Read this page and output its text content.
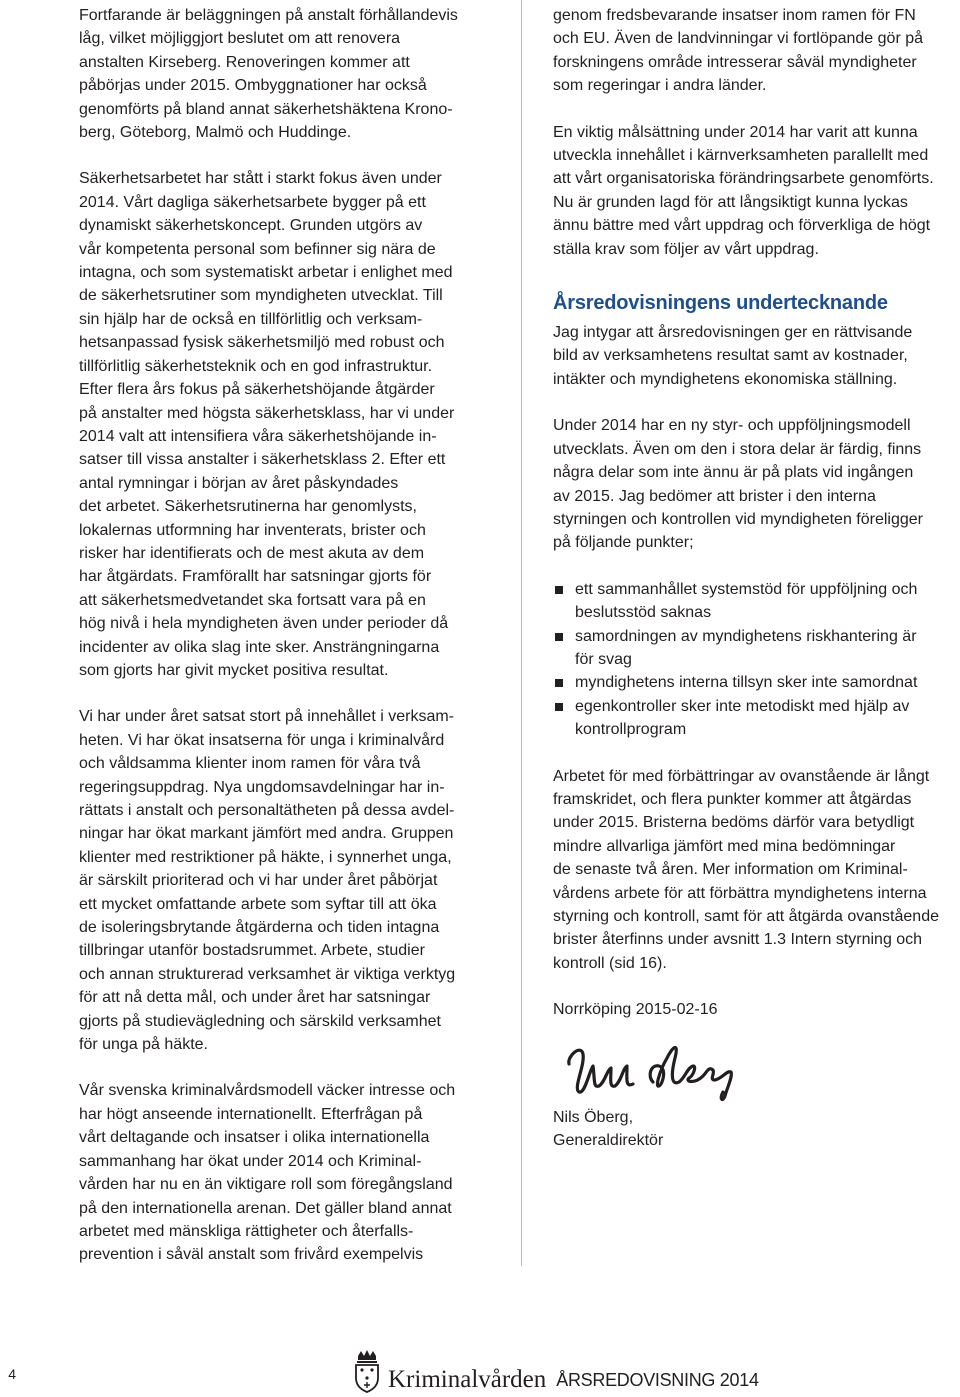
Fortfarande är beläggningen på anstalt förhållandevis
låg, vilket möjliggjort beslutet om att renovera
anstalten Kirseberg. Renoveringen kommer att
påbörjas under 2015. Ombyggnationer har också
genomförts på bland annat säkerhetshäktena Krono-
berg, Göteborg, Malmö och Huddinge.

Säkerhetsarbetet har stått i starkt fokus även under
2014. Vårt dagliga säkerhetsarbete bygger på ett
dynamiskt säkerhetskoncept. Grunden utgörs av
vår kompetenta personal som befinner sig nära de
intagna, och som systematiskt arbetar i enlighet med
de säkerhetsrutiner som myndigheten utvecklat. Till
sin hjälp har de också en tillförlitlig och verksam-
hetsanpassad fysisk säkerhetsmiljö med robust och
tillförlitlig säkerhetsteknik och en god infrastruktur.
Efter flera års fokus på säkerhetshöjande åtgärder
på anstalter med högsta säkerhetsklass, har vi under
2014 valt att intensifiera våra säkerhetshöjande in-
satser till vissa anstalter i säkerhetsklass 2. Efter ett
antal rymningar i början av året påskyndades
det arbetet. Säkerhetsrutinerna har genomlysts,
lokalernas utformning har inventerats, brister och
risker har identifierats och de mest akuta av dem
har åtgärdats. Framförallt har satsningar gjorts för
att säkerhetsmedvetandet ska fortsatt vara på en
hög nivå i hela myndigheten även under perioder då
incidenter av olika slag inte sker. Ansträngningarna
som gjorts har givit mycket positiva resultat.

Vi har under året satsat stort på innehållet i verksam-
heten. Vi har ökat insatserna för unga i kriminalvård
och våldsamma klienter inom ramen för våra två
regeringsuppdrag. Nya ungdomsavdelningar har in-
rättats i anstalt och personaltätheten på dessa avdel-
ningar har ökat markant jämfört med andra. Gruppen
klienter med restriktioner på häkte, i synnerhet unga,
är särskilt prioriterad och vi har under året påbörjat
ett mycket omfattande arbete som syftar till att öka
de isoleringsbrytande åtgärderna och tiden intagna
tillbringar utanför bostadsrummet. Arbete, studier
och annan strukturerad verksamhet är viktiga verktyg
för att nå detta mål, och under året har satsningar
gjorts på studievägledning och särskild verksamhet
för unga på häkte.

Vår svenska kriminalvårdsmodell väcker intresse och
har högt anseende internationellt. Efterfrågan på
vårt deltagande och insatser i olika internationella
sammanhang har ökat under 2014 och Kriminal-
vården har nu en än viktigare roll som föregångsland
på den internationella arenan. Det gäller bland annat
arbetet med mänskliga rättigheter och återfalls-
prevention i såväl anstalt som frivård exempelvis

genom fredsbevarande insatser inom ramen för FN
och EU. Även de landvinningar vi fortlöpande gör på
forskningens område intresserar såväl myndigheter
som regeringar i andra länder.

En viktig målsättning under 2014 har varit att kunna
utveckla innehållet i kärnverksamheten parallellt med
att vårt organisatoriska förändringsarbete genomförts.
Nu är grunden lagd för att långsiktigt kunna lyckas
ännu bättre med vårt uppdrag och förverkliga de högt
ställa krav som följer av vårt uppdrag.

Årsredovisningens undertecknande

Jag intygar att årsredovisningen ger en rättvisande
bild av verksamhetens resultat samt av kostnader,
intäkter och myndighetens ekonomiska ställning.

Under 2014 har en ny styr- och uppföljningsmodell
utvecklats. Även om den i stora delar är färdig, finns
några delar som inte ännu är på plats vid ingången
av 2015. Jag bedömer att brister i den interna
styrningen och kontrollen vid myndigheten föreligger
på följande punkter;

ett sammanhållet systemstöd för uppföljning och
beslutsstöd saknas
samordningen av myndighetens riskhantering är
för svag
myndighetens interna tillsyn sker inte samordnat
egenkontroller sker inte metodiskt med hjälp av
kontrollprogram

Arbetet för med förbättringar av ovanstående är långt
framskridet, och flera punkter kommer att åtgärdas
under 2015. Bristerna bedöms därför vara betydligt
mindre allvarliga jämfört med mina bedömningar
de senaste två åren. Mer information om Kriminal-
vårdens arbete för att förbättra myndighetens interna
styrning och kontroll, samt för att åtgärda ovanstående
brister återfinns under avsnitt 1.3 Intern styrning och
kontroll (sid 16).

Norrköping 2015-02-16

Nils Öberg,

Generaldirektör

4	Kriminalvården ÅRSREDOVISNING 2014
